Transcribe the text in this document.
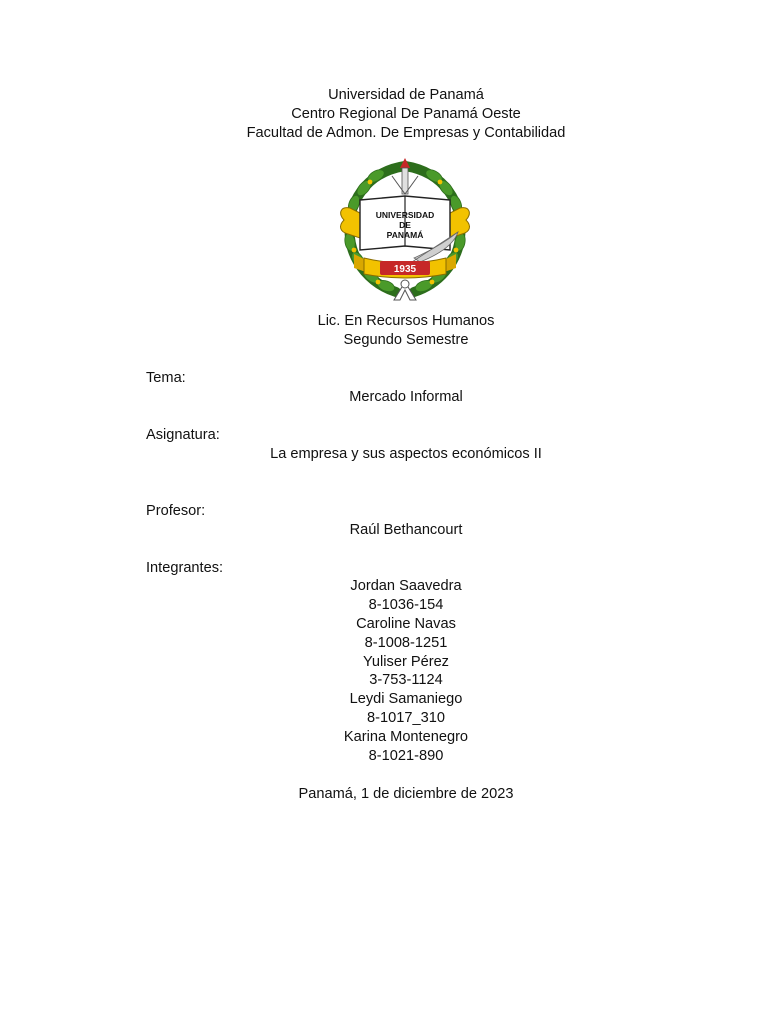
Universidad de Panamá
Centro Regional De Panamá Oeste
Facultad de Admon. De Empresas y Contabilidad
UNIVERSIDAD
DE
PANAMÁ
1935
Lic. En Recursos Humanos
Segundo Semestre
Tema:
Mercado Informal
Asignatura:
La empresa y sus aspectos económicos II
Profesor:
Raúl Bethancourt
Integrantes:
Jordan Saavedra
8-1036-154
Caroline Navas
8-1008-1251
Yuliser Pérez
3-753-1124
Leydi Samaniego
8-1017_310
Karina Montenegro
8-1021-890
Panamá, 1 de diciembre de 2023
